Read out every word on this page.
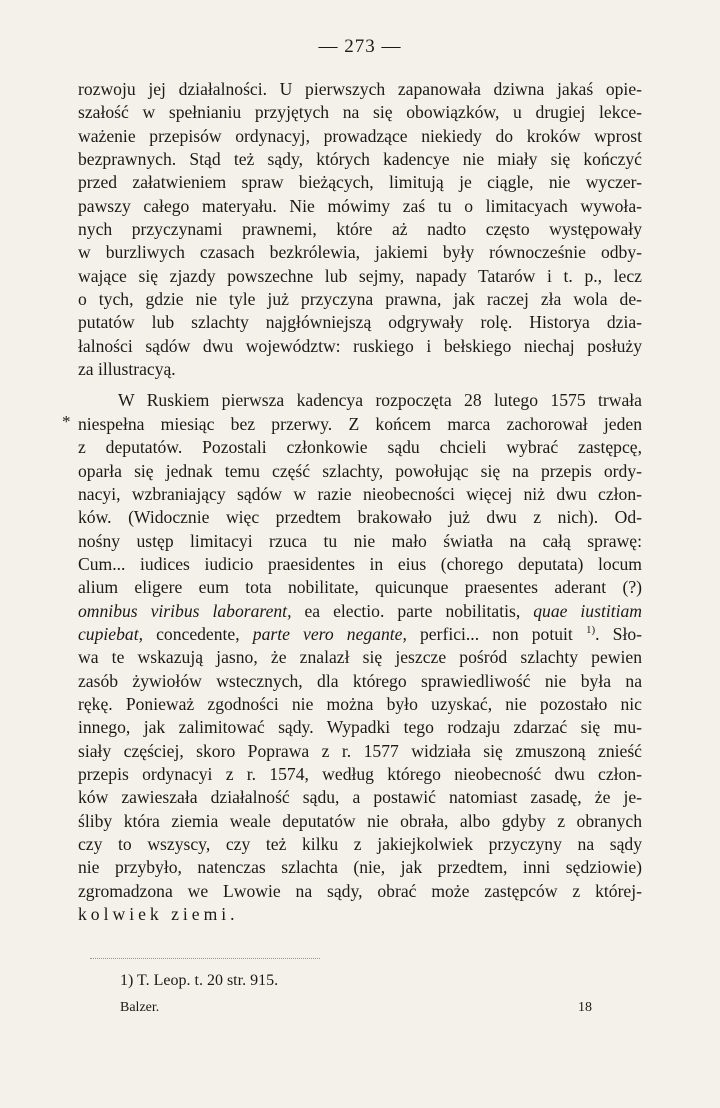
— 273 —
*

rozwoju jej działalności. U pierwszych zapanowała dziwna jakaś opie-
szałość w spełnianiu przyjętych na się obowiązków, u drugiej lekce-
ważenie przepisów ordynacyj, prowadzące niekiedy do kroków wprost
bezprawnych. Stąd też sądy, których kadencye nie miały się kończyć
przed załatwieniem spraw bieżących, limitują je ciągle, nie wyczer-
pawszy całego materyału. Nie mówimy zaś tu o limitacyach wywoła-
nych przyczynami prawnemi, które aż nadto często występowały
w burzliwych czasach bezkrólewia, jakiemi były równocześnie odby-
wające się zjazdy powszechne lub sejmy, napady Tatarów i t. p., lecz
o tych, gdzie nie tyle już przyczyna prawna, jak raczej zła wola de-
putatów lub szlachty najgłówniejszą odgrywały rolę. Historya dzia-
łalności sądów dwu województw: ruskiego i bełskiego niechaj posłuży
za illustracyą.

W Ruskiem pierwsza kadencya rozpoczęta 28 lutego 1575 trwała
niespełna miesiąc bez przerwy. Z końcem marca zachorował jeden
z deputatów. Pozostali członkowie sądu chcieli wybrać zastępcę,
oparła się jednak temu część szlachty, powołując się na przepis ordy-
nacyi, wzbraniający sądów w razie nieobecności więcej niż dwu człon-
ków. (Widocznie więc przedtem brakowało już dwu z nich). Od-
nośny ustęp limitacyi rzuca tu nie mało światła na całą sprawę:
Cum... iudices iudicio praesidentes in eius (chorego deputata) locum
alium eligere eum tota nobilitate, quicunque praesentes aderant (?)
omnibus viribus laborarent, ea electio. parte nobilitatis, quae iustitiam
cupiebat, concedente, parte vero negante, perfici... non potuit $^{1)}$. Sło-
wa te wskazują jasno, że znalazł się jeszcze pośród szlachty pewien
zasób żywiołów wstecznych, dla którego sprawiedliwość nie była na
rękę. Ponieważ zgodności nie można było uzyskać, nie pozostało nic
innego, jak zalimitować sądy. Wypadki tego rodzaju zdarzać się mu-
siały częściej, skoro Poprawa z r. 1577 widziała się zmuszoną znieść
przepis ordynacyi z r. 1574, według którego nieobecność dwu człon-
ków zawieszała działalność sądu, a postawić natomiast zasadę, że je-
śliby która ziemia weale deputatów nie obrała, albo gdyby z obranych
czy to wszyscy, czy też kilku z jakiejkolwiek przyczyny na sądy
nie przybyło, natenczas szlachta (nie, jak przedtem, inni sędziowie)
zgromadzona we Lwowie na sądy, obrać może zastępców z której-
kolwiek ziemi.

1) T. Leop. t. 20 str. 915.
Balzer.	18
